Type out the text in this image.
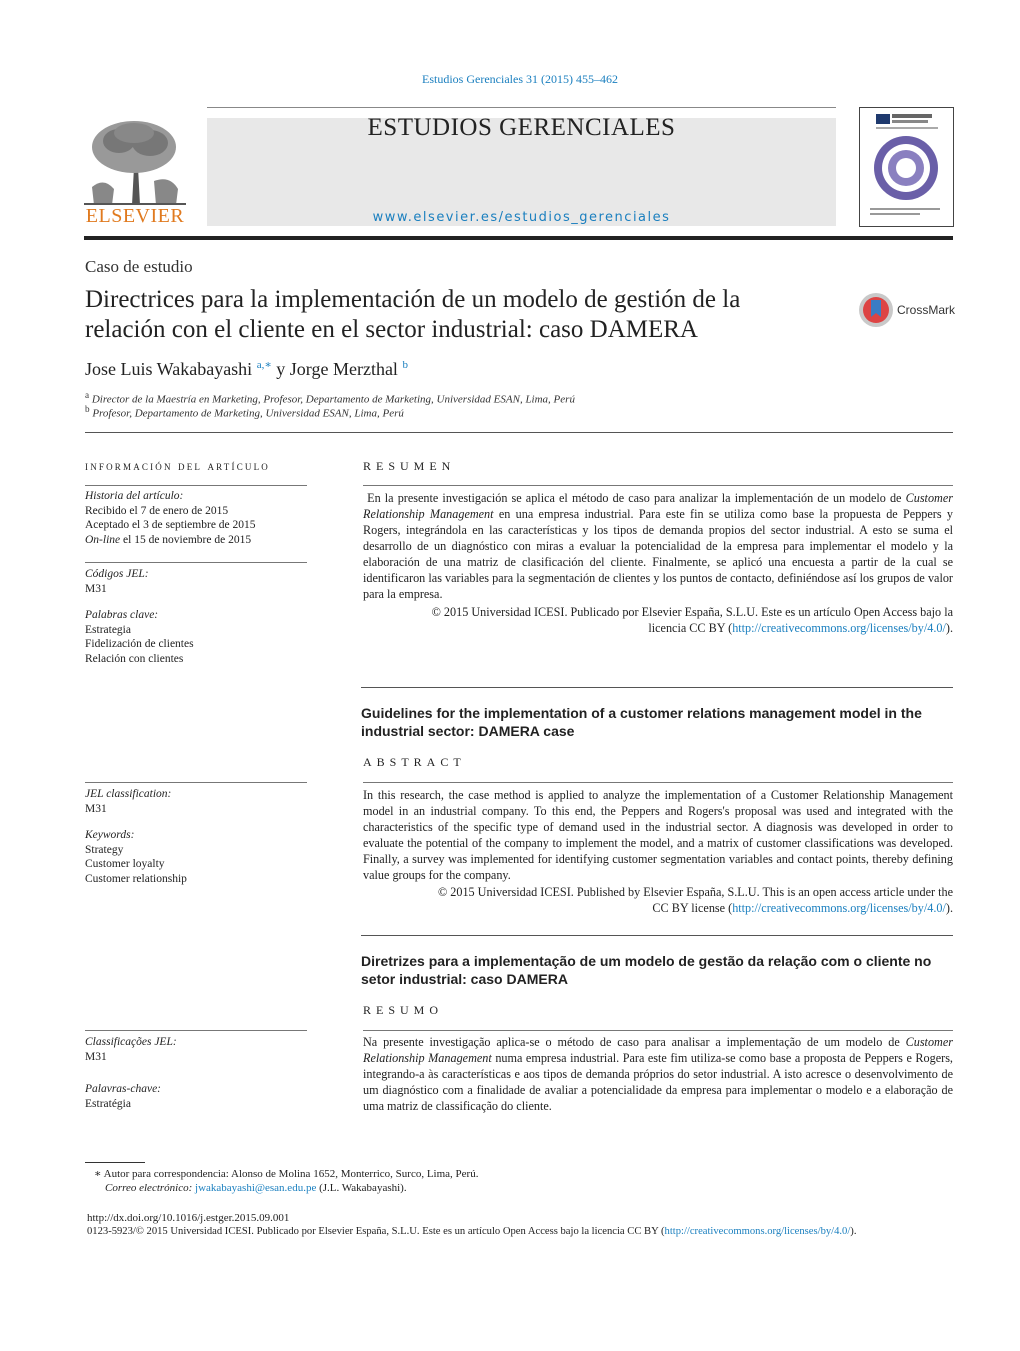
Estudios Gerenciales 31 (2015) 455–462
ELSEVIER
ESTUDIOS GERENCIALES
www.elsevier.es/estudios_gerenciales
Caso de estudio
Directrices para la implementación de un modelo de gestión de la relación con el cliente en el sector industrial: caso DAMERA
CrossMark
Jose Luis Wakabayashi $^{a,∗}$ y Jorge Merzthal $^b$
$^a$ Director de la Maestría en Marketing, Profesor, Departamento de Marketing, Universidad ESAN, Lima, Perú
$^b$ Profesor, Departamento de Marketing, Universidad ESAN, Lima, Perú
información del artículo
Historia del artículo:
Recibido el 7 de enero de 2015
Aceptado el 3 de septiembre de 2015
On-line el 15 de noviembre de 2015
Códigos JEL:
M31
Palabras clave:
Estrategia
Fidelización de clientes
Relación con clientes
RESUMEN
En la presente investigación se aplica el método de caso para analizar la implementación de un modelo de Customer Relationship Management en una empresa industrial. Para este fin se utiliza como base la propuesta de Peppers y Rogers, integrándola en las características y los tipos de demanda propios del sector industrial. A esto se suma el desarrollo de un diagnóstico con miras a evaluar la potencialidad de la empresa para implementar el modelo y la elaboración de una matriz de clasificación del cliente. Finalmente, se aplicó una encuesta a partir de la cual se identificaron las variables para la segmentación de clientes y los puntos de contacto, definiéndose así los grupos de valor para la empresa.
© 2015 Universidad ICESI. Publicado por Elsevier España, S.L.U. Este es un artículo Open Access bajo la
licencia CC BY (http://creativecommons.org/licenses/by/4.0/).
Guidelines for the implementation of a customer relations management model in the industrial sector: DAMERA case
ABSTRACT
JEL classification:
M31
Keywords:
Strategy
Customer loyalty
Customer relationship
In this research, the case method is applied to analyze the implementation of a Customer Relationship Management model in an industrial company. To this end, the Peppers and Rogers's proposal was used and integrated with the characteristics of the specific type of demand used in the industrial sector. A diagnosis was developed in order to evaluate the potential of the company to implement the model, and a matrix of customer classifications was developed. Finally, a survey was implemented for identifying customer segmentation variables and contact points, thereby defining value groups for the company.
© 2015 Universidad ICESI. Published by Elsevier España, S.L.U. This is an open access article under the
CC BY license (http://creativecommons.org/licenses/by/4.0/).
Diretrizes para a implementação de um modelo de gestão da relação com o cliente no setor industrial: caso DAMERA
RESUMO
Classificações JEL:
M31
Palavras-chave:
Estratégia
Na presente investigação aplica-se o método de caso para analisar a implementação de um modelo de Customer Relationship Management numa empresa industrial. Para este fim utiliza-se como base a proposta de Peppers e Rogers, integrando-a às características e aos tipos de demanda próprios do setor industrial. A isto acresce o desenvolvimento de um diagnóstico com a finalidade de avaliar a potencialidade da empresa para implementar o modelo e a elaboração de uma matriz de classificação do cliente.
∗ Autor para correspondencia: Alonso de Molina 1652, Monterrico, Surco, Lima, Perú.
Correo electrónico: jwakabayashi@esan.edu.pe (J.L. Wakabayashi).
http://dx.doi.org/10.1016/j.estger.2015.09.001
0123-5923/© 2015 Universidad ICESI. Publicado por Elsevier España, S.L.U. Este es un artículo Open Access bajo la licencia CC BY (http://creativecommons.org/licenses/by/4.0/).
